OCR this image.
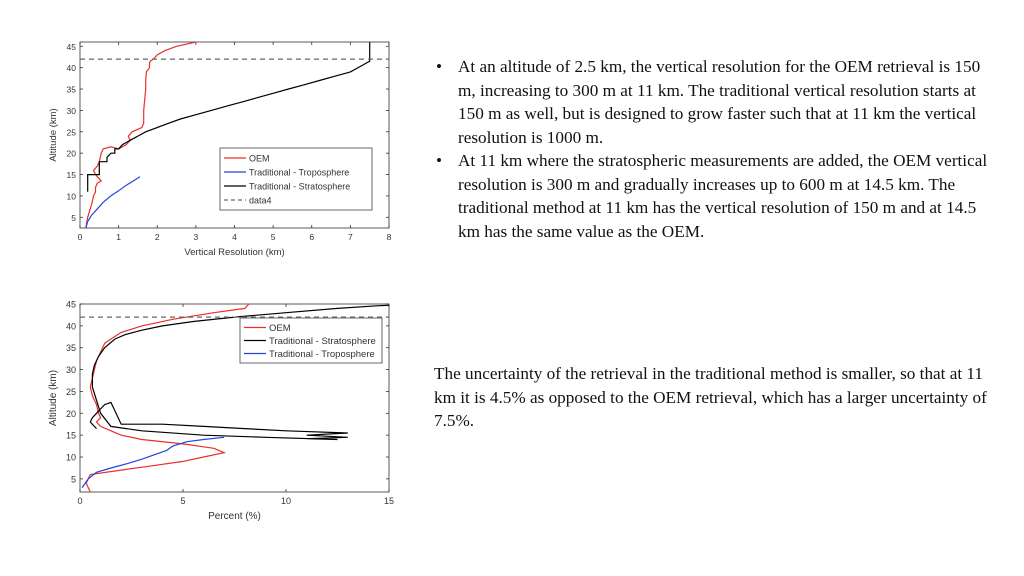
0	1	2	3	4	5	6	7	8
5
10
15
20
25
30
35
40
45
Vertical Resolution (km)
Altitude (km)	OEM
Traditional - Troposphere
Traditional - Stratosphere
data4
0	5	10	15
5
10
15
20
25
30
35
40
45
Percent (%)
Altitude (km)
OEM
Traditional - Stratosphere
Traditional - Troposphere
• At an altitude of 2.5 km, the vertical resolution for the OEM retrieval is 150 m, increasing to 300 m at 11 km. The traditional vertical resolution starts at 150 m as well, but is designed to grow faster such that at 11 km the vertical resolution is 1000 m.
• At 11 km where the stratospheric measurements are added, the OEM vertical resolution is 300 m and gradually increases up to 600 m at 14.5 km. The traditional method at 11 km has the vertical resolution of 150 m and at 14.5 km has the same value as the OEM.

The uncertainty of the retrieval in the traditional method is smaller, so that at 11 km it is 4.5% as opposed to the OEM retrieval, which has a larger uncertainty of 7.5%.
